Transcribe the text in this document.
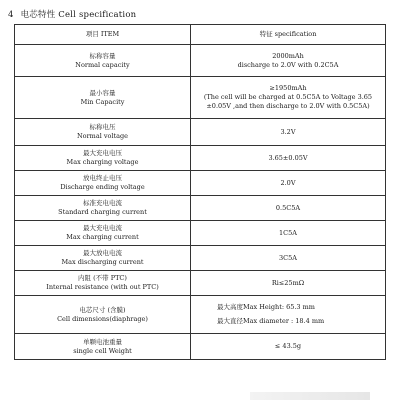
4 电芯特性 Cell specification
项目 ITEM	特征 specification

标称容量
Normal capacity	2000mAh
discharge to 2.0V with 0.2C5A

最小容量
Min Capacity	≥1950mAh
(The cell will be charged at 0.5C5A to Voltage 3.65
±0.05V ,and then discharge to 2.0V with 0.5C5A)

标称电压
Normal voltage	3.2V

最大充电电压
Max charging voltage	3.65±0.05V

放电终止电压
Discharge ending voltage	2.0V

标准充电电流
Standard charging current	0.5C5A

最大充电电流
Max charging current	1C5A

最大放电电流
Max discharging current	3C5A

内阻 (不带 PTC)
Internal resistance (with out PTC)	Ri≤25mΩ

电芯尺寸 (含膜)
Cell dimensions(diaphrage)	最大高度Max Height: 65.3 mm
最大直径Max diameter : 18.4 mm

单颗电池重量
single cell Weight	≤ 43.5g
